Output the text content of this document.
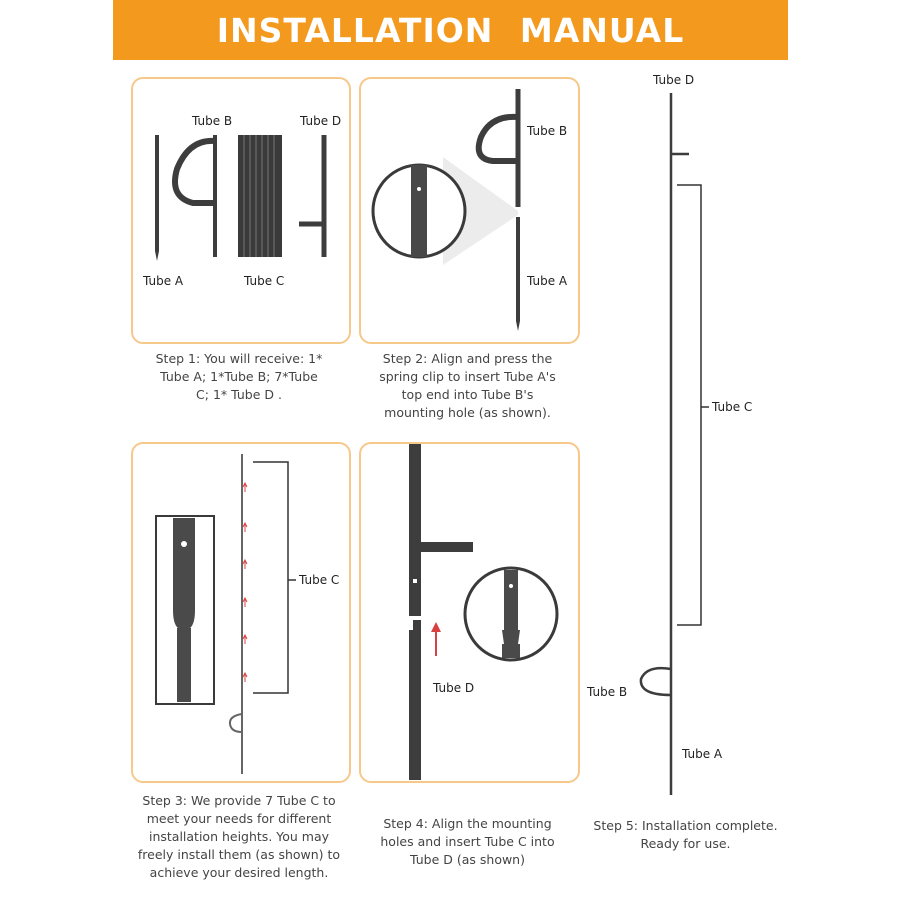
INSTALLATION MANUAL
Tube B	Tube D
Tube A	Tube C
Step 1: You will receive: 1*
Tube A; 1*Tube B; 7*Tube
C; 1* Tube D .
Tube B
Tube A
Step 2: Align and press the
spring clip to insert Tube A's
top end into Tube B's
mounting hole (as shown).
Tube C
Step 3: We provide 7 Tube C to
meet your needs for different
installation heights. You may
freely install them (as shown) to
achieve your desired length.
Tube D
Step 4: Align the mounting
holes and insert Tube C into
Tube D (as shown)
Tube D
Tube C
Tube B
Tube A
Step 5: Installation complete.
Ready for use.
